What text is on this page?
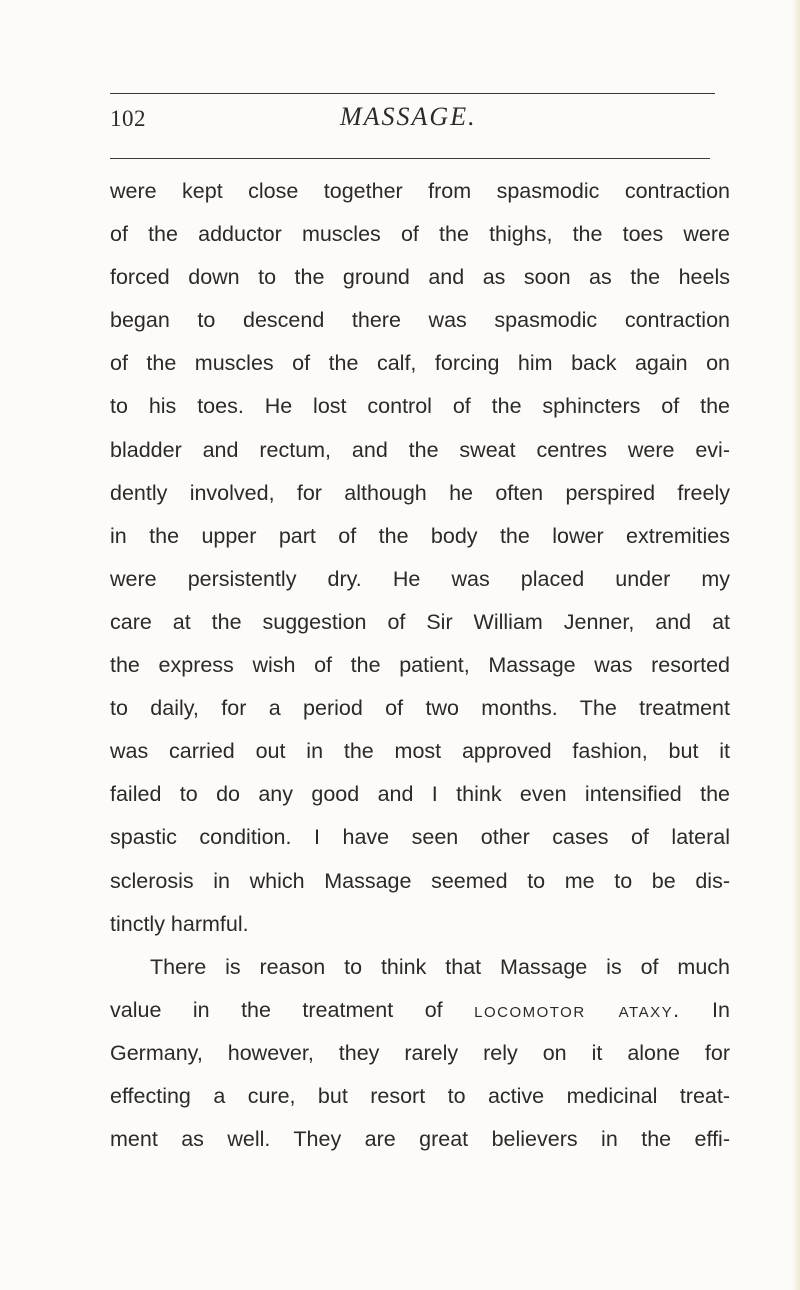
102	MASSAGE.
were kept close together from spasmodic contraction
of the adductor muscles of the thighs, the toes were
forced down to the ground and as soon as the heels
began to descend there was spasmodic contraction
of the muscles of the calf, forcing him back again on
to his toes. He lost control of the sphincters of the
bladder and rectum, and the sweat centres were evi-
dently involved, for although he often perspired freely
in the upper part of the body the lower extremities
were persistently dry. He was placed under my
care at the suggestion of Sir William Jenner, and at
the express wish of the patient, Massage was resorted
to daily, for a period of two months. The treatment
was carried out in the most approved fashion, but it
failed to do any good and I think even intensified the
spastic condition. I have seen other cases of lateral
sclerosis in which Massage seemed to me to be dis-
tinctly harmful.
There is reason to think that Massage is of much
value in the treatment of locomotor ataxy. In
Germany, however, they rarely rely on it alone for
effecting a cure, but resort to active medicinal treat-
ment as well. They are great believers in the effi-
